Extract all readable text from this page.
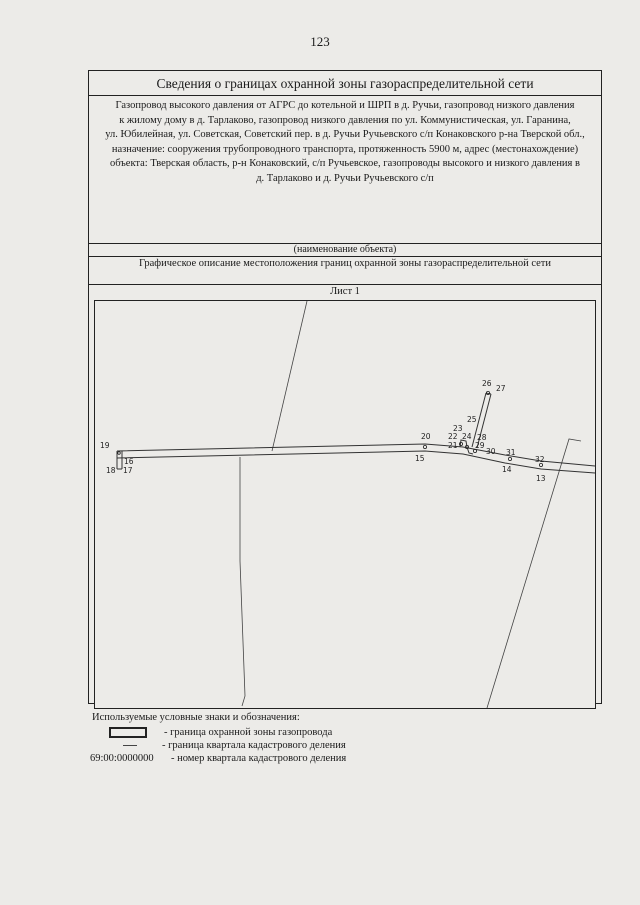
123
Сведения о границах охранной зоны газораспределительной сети
Газопровод высокого давления от АГРС до котельной и ШРП в д. Ручьи, газопровод низкого давления
к жилому дому в д. Тарлаково, газопровод низкого давления по ул. Коммунистическая, ул. Гаранина,
ул. Юбилейная, ул. Советская, Советский пер. в д. Ручьи Ручьевского с/п Конаковского р-на Тверской обл.,
назначение: сооружения трубопроводного транспорта, протяженность 5900 м, адрес (местонахождение)
объекта: Тверская область, р-н Конаковский, с/п Ручьевское, газопроводы высокого и низкого давления в
д. Тарлаково и д. Ручьи Ручьевского с/п
(наименование объекта)
Графическое описание местоположения границ охранной зоны газораспределительной сети
Лист 1
19
16
18 17
20
15
26
27
25
23
22 24 28
21 29
30 31
14
32
13
Используемые условные знаки и обозначения:
- граница охранной зоны газопровода
- граница квартала кадастрового деления
69:00:0000000 - номер квартала кадастрового деления
